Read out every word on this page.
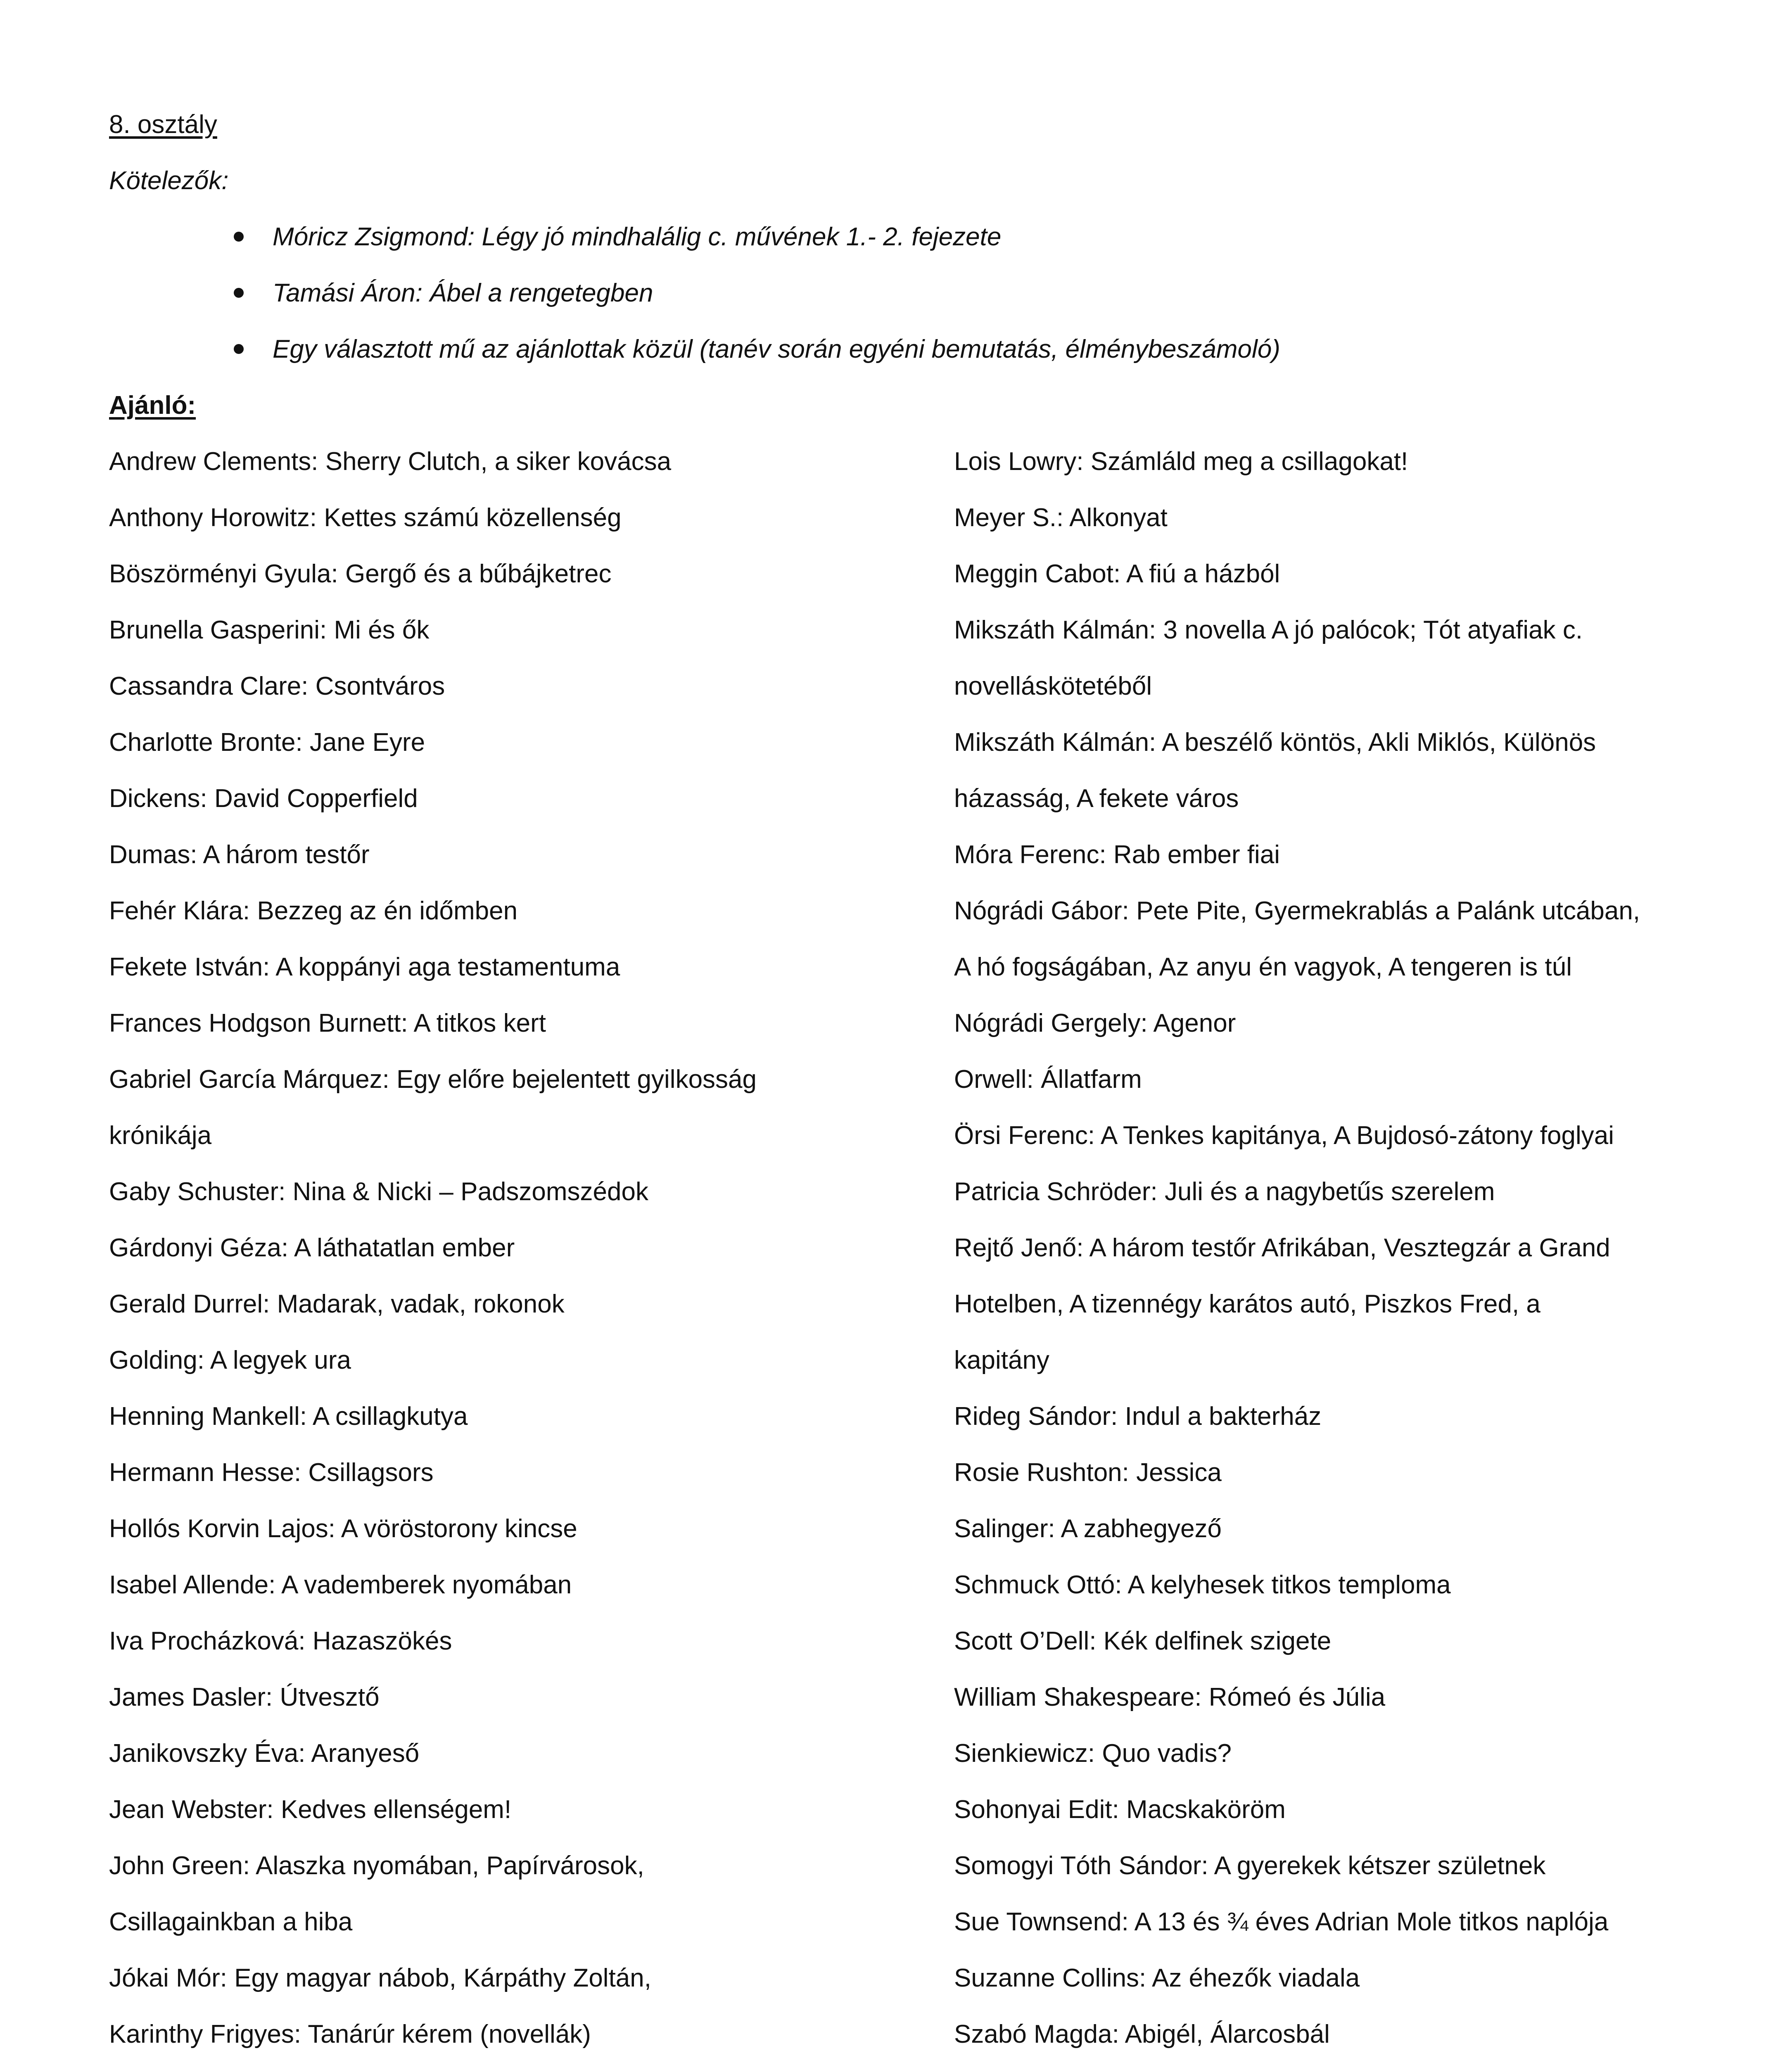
8. osztály
Kötelezők:
Móricz Zsigmond: Légy jó mindhalálig c. művének 1.- 2. fejezete
Tamási Áron: Ábel a rengetegben
Egy választott mű az ajánlottak közül (tanév során egyéni bemutatás, élménybeszámoló)
Ajánló:
Andrew Clements: Sherry Clutch, a siker kovácsa
Anthony Horowitz: Kettes számú közellenség
Böszörményi Gyula: Gergő és a bűbájketrec
Brunella Gasperini: Mi és ők
Cassandra Clare: Csontváros
Charlotte Bronte: Jane Eyre
Dickens: David Copperfield
Dumas: A három testőr
Fehér Klára: Bezzeg az én időmben
Fekete István: A koppányi aga testamentuma
Frances Hodgson Burnett: A titkos kert
Gabriel García Márquez: Egy előre bejelentett gyilkosság
krónikája
Gaby Schuster: Nina & Nicki – Padszomszédok
Gárdonyi Géza: A láthatatlan ember
Gerald Durrel: Madarak, vadak, rokonok
Golding: A legyek ura
Henning Mankell: A csillagkutya
Hermann Hesse: Csillagsors
Hollós Korvin Lajos: A vöröstorony kincse
Isabel Allende: A vademberek nyomában
Iva Procházková: Hazaszökés
James Dasler: Útvesztő
Janikovszky Éva: Aranyeső
Jean Webster: Kedves ellenségem!
John Green: Alaszka nyomában, Papírvárosok,
Csillagainkban a hiba
Jókai Mór: Egy magyar nábob, Kárpáthy Zoltán,
Karinthy Frigyes: Tanárúr kérem (novellák)
Lois Lowry: Számláld meg a csillagokat!
Meyer S.: Alkonyat
Meggin Cabot: A fiú a házból
Mikszáth Kálmán: 3 novella A jó palócok; Tót atyafiak c.
novelláskötetéből
Mikszáth Kálmán: A beszélő köntös, Akli Miklós, Különös
házasság, A fekete város
Móra Ferenc: Rab ember fiai
Nógrádi Gábor: Pete Pite, Gyermekrablás a Palánk utcában,
A hó fogságában, Az anyu én vagyok, A tengeren is túl
Nógrádi Gergely: Agenor
Orwell: Állatfarm
Örsi Ferenc: A Tenkes kapitánya, A Bujdosó-zátony foglyai
Patricia Schröder: Juli és a nagybetűs szerelem
Rejtő Jenő: A három testőr Afrikában, Vesztegzár a Grand
Hotelben, A tizennégy karátos autó, Piszkos Fred, a
kapitány
Rideg Sándor: Indul a bakterház
Rosie Rushton: Jessica
Salinger: A zabhegyező
Schmuck Ottó: A kelyhesek titkos temploma
Scott O’Dell: Kék delfinek szigete
William Shakespeare: Rómeó és Júlia
Sienkiewicz: Quo vadis?
Sohonyai Edit: Macskaköröm
Somogyi Tóth Sándor: A gyerekek kétszer születnek
Sue Townsend: A 13 és ¾ éves Adrian Mole titkos naplója
Suzanne Collins: Az éhezők viadala
Szabó Magda: Abigél, Álarcosbál
